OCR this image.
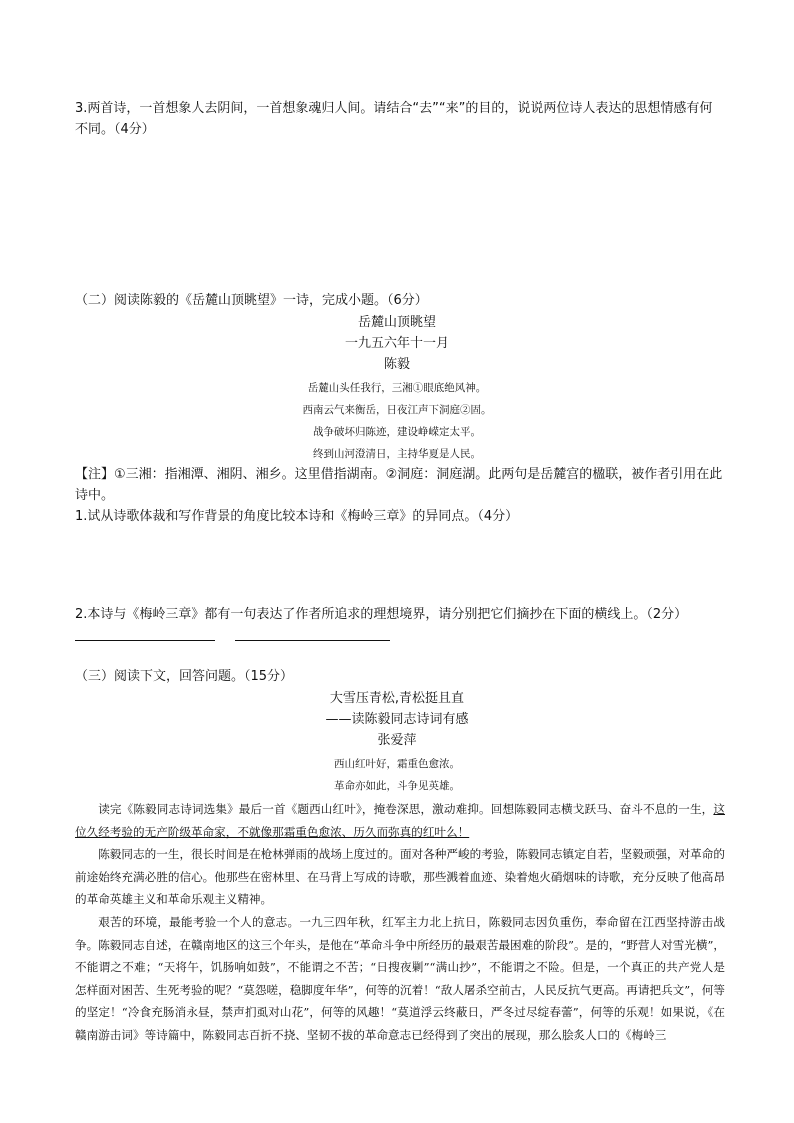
3.两首诗，一首想象人去阴间，一首想象魂归人间。请结合“去”“来”的目的，说说两位诗人表达的思想情感有何不同。（4分）
（二）阅读陈毅的《岳麓山顶眺望》一诗，完成小题。（6分）
岳麓山顶眺望
一九五六年十一月
陈毅
岳麓山头任我行，三湘①眼底绝风神。
西南云气来衡岳，日夜江声下洞庭②固。
战争破坏归陈迹，建设峥嵘定太平。
终到山河澄清日，主持华夏是人民。
【注】①三湘：指湘潭、湘阴、湘乡。这里借指湖南。②洞庭：洞庭湖。此两句是岳麓宫的楹联，被作者引用在此诗中。
1.试从诗歌体裁和写作背景的角度比较本诗和《梅岭三章》的异同点。（4分）
2.本诗与《梅岭三章》都有一句表达了作者所追求的理想境界，请分别把它们摘抄在下面的横线上。（2分）

（三）阅读下文，回答问题。（15分）
大雪压青松,青松挺且直
——读陈毅同志诗词有感
张爱萍
西山红叶好，霜重色愈浓。
革命亦如此，斗争见英雄。

读完《陈毅同志诗词选集》最后一首《题西山红叶》，掩卷深思，激动难抑。回想陈毅同志横戈跃马、奋斗不息的一生，这位久经考验的无产阶级革命家，不就像那霜重色愈浓、历久而弥真的红叶么！

陈毅同志的一生，很长时间是在枪林弹雨的战场上度过的。面对各种严峻的考验，陈毅同志镇定自若，坚毅顽强，对革命的前途始终充满必胜的信心。他那些在密林里、在马背上写成的诗歌，那些溅着血迹、染着炮火硝烟味的诗歌，充分反映了他高昂的革命英雄主义和革命乐观主义精神。

艰苦的环境，最能考验一个人的意志。一九三四年秋，红军主力北上抗日，陈毅同志因负重伤，奉命留在江西坚持游击战争。陈毅同志自述，在赣南地区的这三个年头，是他在“革命斗争中所经历的最艰苦最困难的阶段”。是的，“野营人对雪光横”，不能谓之不难；“天将午，饥肠响如鼓”，不能谓之不苦；“日搜夜剿”“满山抄”，不能谓之不险。但是，一个真正的共产党人是怎样面对困苦、生死考验的呢？“莫怨嗟，稳脚度年华”，何等的沉着！“敌人屠杀空前古，人民反抗气更高。再请把兵文”，何等的坚定！“冷食充肠消永昼，禁声扪虱对山花”，何等的风趣！“莫道浮云终蔽日，严冬过尽绽春蕾”，何等的乐观！如果说，《在赣南游击词》等诗篇中，陈毅同志百折不挠、坚韧不拔的革命意志已经得到了突出的展现，那么脍炙人口的《梅岭三
